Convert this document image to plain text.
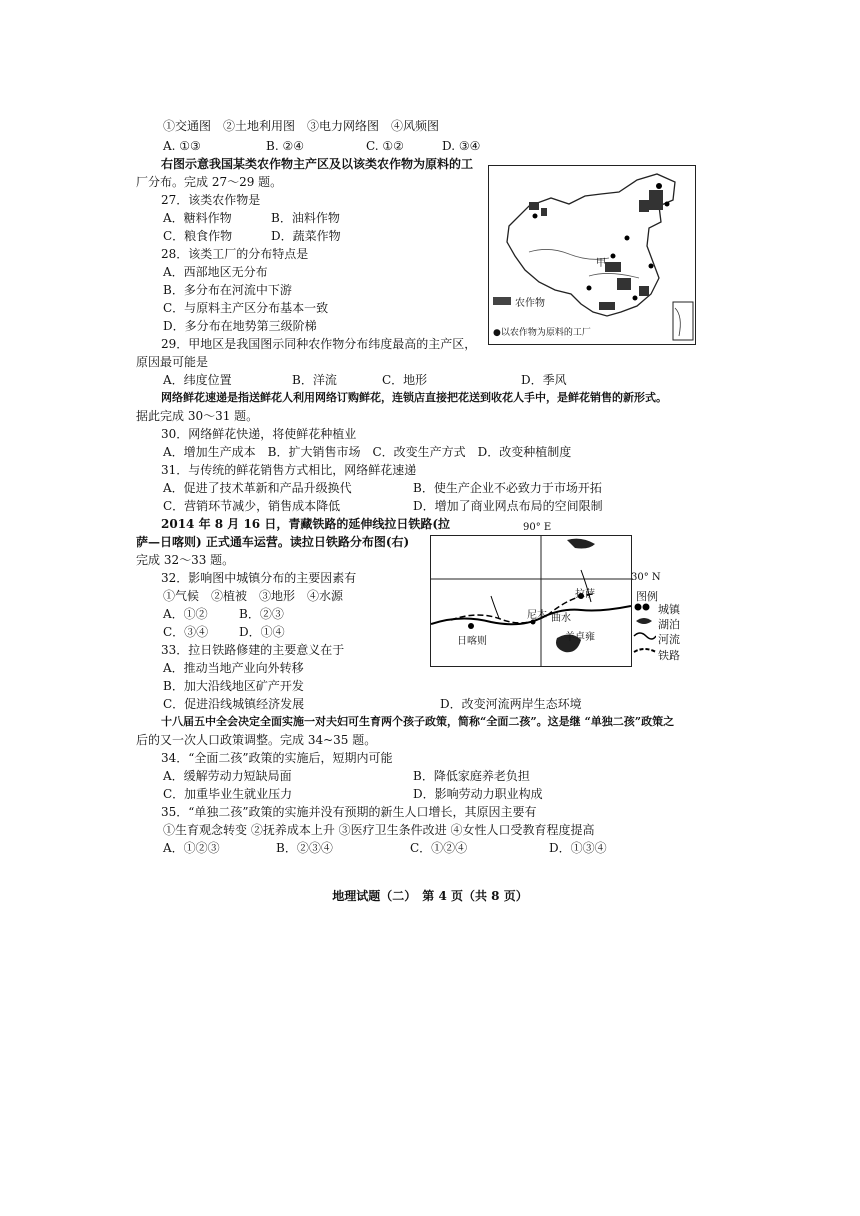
①交通图　②土地利用图　③电力网络图　④风频图
A. ①③	B. ②④	C. ①②	D. ③④
右图示意我国某类农作物主产区及以该类农作物为原料的工
厂分布。完成 27～29 题。
27．该类农作物是
A．糖料作物	B．油料作物
C．粮食作物	D．蔬菜作物
28．该类工厂的分布特点是
A．西部地区无分布
B．多分布在河流中下游
C．与原料主产区分布基本一致
D．多分布在地势第三级阶梯
29．甲地区是我国图示同种农作物分布纬度最高的主产区，
原因最可能是
A．纬度位置	B．洋流	C．地形	D．季风
网络鲜花速递是指送鲜花人利用网络订购鲜花，连锁店直接把花送到收花人手中，是鲜花销售的新形式。
据此完成 30～31 题。
30．网络鲜花快递，将使鲜花种植业
A．增加生产成本　B．扩大销售市场　C．改变生产方式　D．改变种植制度
31．与传统的鲜花销售方式相比，网络鲜花速递
A．促进了技术革新和产品升级换代	B．使生产企业不必致力于市场开拓
C．营销环节减少，销售成本降低	D．增加了商业网点布局的空间限制
2014 年 8 月 16 日，青藏铁路的延伸线拉日铁路(拉
萨—日喀则) 正式通车运营。读拉日铁路分布图(右)
完成 32～33 题。
32．影响图中城镇分布的主要因素有
①气候　②植被　③地形　④水源
A．①②	B．②③
C．③④	D．①④
33．拉日铁路修建的主要意义在于
A．推动当地产业向外转移
B．加大沿线地区矿产开发
C．促进沿线城镇经济发展	D．改变河流两岸生态环境
十八届五中全会决定全面实施一对夫妇可生育两个孩子政策，简称“全面二孩”。这是继 “单独二孩”政策之
后的又一次人口政策调整。完成 34~35 题。
34．“全面二孩”政策的实施后，短期内可能
A．缓解劳动力短缺局面	B．降低家庭养老负担
C．加重毕业生就业压力	D．影响劳动力职业构成
35．“单独二孩”政策的实施并没有预期的新生人口增长，其原因主要有
①生育观念转变 ②抚养成本上升 ③医疗卫生条件改进 ④女性人口受教育程度提高
A．①②③	B．②③④	C．①②④	D．①③④
甲
农作物
●以农作物为原料的工厂
90° E
30° N
拉萨
日喀则
尼木 曲水
羊卓雍
图例
城镇
湖泊
河流
铁路
地理试题（二）　第 4 页（共 8 页）
